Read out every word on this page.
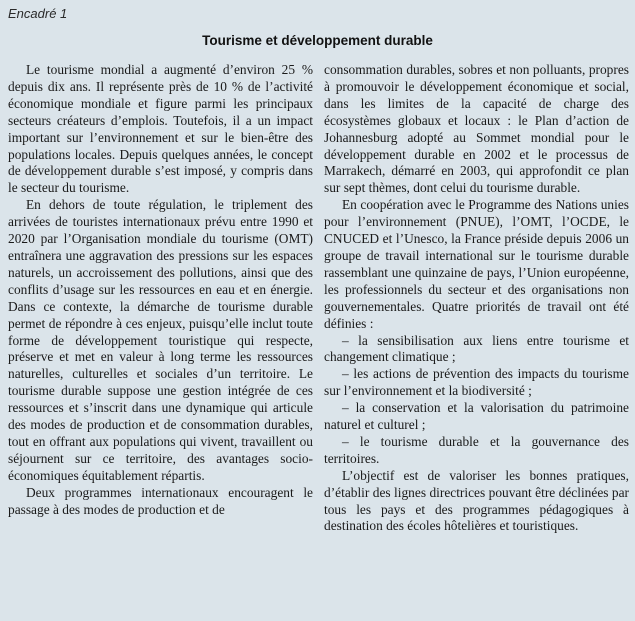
Encadré 1
Tourisme et développement durable

Le tourisme mondial a augmenté d’environ 25 % depuis dix ans. Il représente près de 10 % de l’activité économique mondiale et figure parmi les principaux secteurs créateurs d’emplois. Toutefois, il a un impact important sur l’environnement et sur le bien-être des populations locales. Depuis quelques années, le concept de développement durable s’est imposé, y compris dans le secteur du tourisme.

En dehors de toute régulation, le triplement des arrivées de touristes internationaux prévu entre 1990 et 2020 par l’Organisation mondiale du tourisme (OMT) entraînera une aggravation des pressions sur les espaces naturels, un accroissement des pollutions, ainsi que des conflits d’usage sur les ressources en eau et en énergie. Dans ce contexte, la démarche de tourisme durable permet de répondre à ces enjeux, puisqu’elle inclut toute forme de développement touristique qui respecte, préserve et met en valeur à long terme les ressources naturelles, culturelles et sociales d’un territoire. Le tourisme durable suppose une gestion intégrée de ces ressources et s’inscrit dans une dynamique qui articule des modes de production et de consommation durables, tout en offrant aux populations qui vivent, travaillent ou séjournent sur ce territoire, des avantages socio-économiques équitablement répartis.

Deux programmes internationaux encouragent le passage à des modes de production et de

consommation durables, sobres et non polluants, propres à promouvoir le développement économique et social, dans les limites de la capacité de charge des écosystèmes globaux et locaux : le Plan d’action de Johannesburg adopté au Sommet mondial pour le développement durable en 2002 et le processus de Marrakech, démarré en 2003, qui approfondit ce plan sur sept thèmes, dont celui du tourisme durable.

En coopération avec le Programme des Nations unies pour l’environnement (PNUE), l’OMT, l’OCDE, le CNUCED et l’Unesco, la France préside depuis 2006 un groupe de travail international sur le tourisme durable rassemblant une quinzaine de pays, l’Union européenne, les professionnels du secteur et des organisations non gouvernementales. Quatre priorités de travail ont été définies :

– la sensibilisation aux liens entre tourisme et changement climatique ;

– les actions de prévention des impacts du tourisme sur l’environnement et la biodiversité ;

– la conservation et la valorisation du patrimoine naturel et culturel ;

– le tourisme durable et la gouvernance des territoires.

L’objectif est de valoriser les bonnes pratiques, d’établir des lignes directrices pouvant être déclinées par tous les pays et des programmes pédagogiques à destination des écoles hôtelières et touristiques.
